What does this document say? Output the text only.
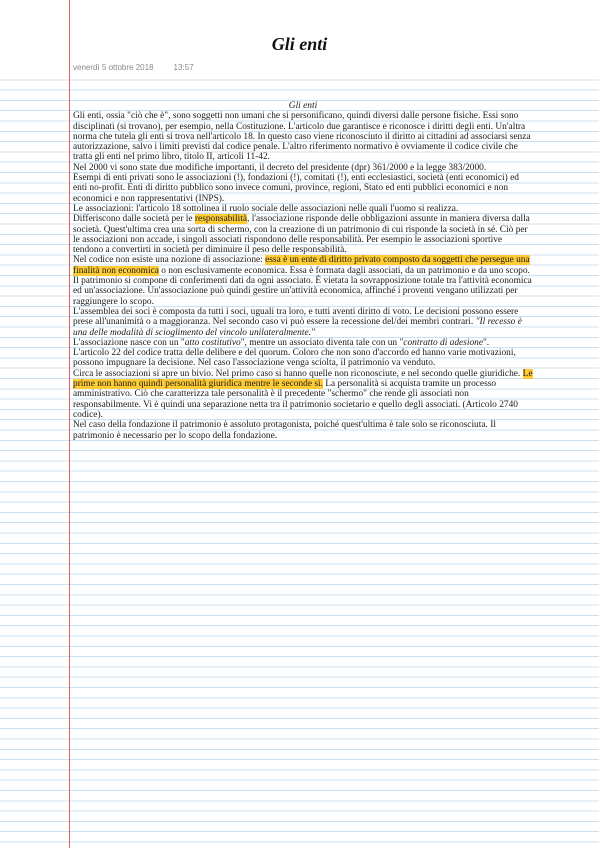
Gli enti
venerdì 5 ottobre 2018	13:57
Gli enti

Gli enti, ossia "ciò che è", sono soggetti non umani che si personificano, quindi diversi dalle persone fisiche. Essi sono disciplinati (si trovano), per esempio, nella Costituzione. L'articolo due garantisce e riconosce i diritti degli enti. Un'altra norma che tutela gli enti si trova nell'articolo 18. In questo caso viene riconosciuto il diritto ai cittadini ad associarsi senza autorizzazione, salvo i limiti previsti dal codice penale. L'altro riferimento normativo è ovviamente il codice civile che tratta gli enti nel primo libro, titolo II, articoli 11-42.

Nel 2000 vi sono state due modifiche importanti, il decreto del presidente (dpr) 361/2000 e la legge 383/2000.

Esempi di enti privati sono le associazioni (!), fondazioni (!), comitati (!), enti ecclesiastici, società (enti economici) ed enti no-profit. Enti di diritto pubblico sono invece comuni, province, regioni, Stato ed enti pubblici economici e non economici e non rappresentativi (INPS).

Le associazioni: l'articolo 18 sottolinea il ruolo sociale delle associazioni nelle quali l'uomo si realizza.

Differiscono dalle società per le responsabilità, l'associazione risponde delle obbligazioni assunte in maniera diversa dalla società. Quest'ultima crea una sorta di schermo, con la creazione di un patrimonio di cui risponde la società in sé. Ciò per le associazioni non accade, i singoli associati rispondono delle responsabilità. Per esempio le associazioni sportive tendono a convertirti in società per diminuire il peso delle responsabilità.

Nel codice non esiste una nozione di associazione: essa è un ente di diritto privato composto da soggetti che persegue una finalità non economica o non esclusivamente economica. Essa è formata dagli associati, da un patrimonio e da uno scopo. Il patrimonio si compone di conferimenti dati da ogni associato. È vietata la sovrapposizione totale tra l'attività economica ed un'associazione. Un'associazione può quindi gestire un'attività economica, affinché i proventi vengano utilizzati per raggiungere lo scopo.

L'assemblea dei soci è composta da tutti i soci, uguali tra loro, e tutti aventi diritto di voto. Le decisioni possono essere prese all'unanimità o a maggioranza. Nel secondo caso vi può essere la recessione del/dei membri contrari. "Il recesso è una delle modalità di scioglimento del vincolo unilateralmente."

L'associazione nasce con un "atto costitutivo", mentre un associato diventa tale con un "contratto di adesione".

L'articolo 22 del codice tratta delle delibere e del quorum. Coloro che non sono d'accordo ed hanno varie motivazioni, possono impugnare la decisione. Nel caso l'associazione venga sciolta, il patrimonio va venduto.

Circa le associazioni si apre un bivio. Nel primo caso si hanno quelle non riconosciute, e nel secondo quelle giuridiche. Le prime non hanno quindi personalità giuridica mentre le seconde sì. La personalità si acquista tramite un processo amministrativo. Ciò che caratterizza tale personalità è il precedente "schermo" che rende gli associati non responsabilmente. Vi è quindi una separazione netta tra il patrimonio societario e quello degli associati. (Articolo 2740 codice).

Nel caso della fondazione il patrimonio è assoluto protagonista, poiché quest'ultima è tale solo se riconosciuta. Il patrimonio è necessario per lo scopo della fondazione.
